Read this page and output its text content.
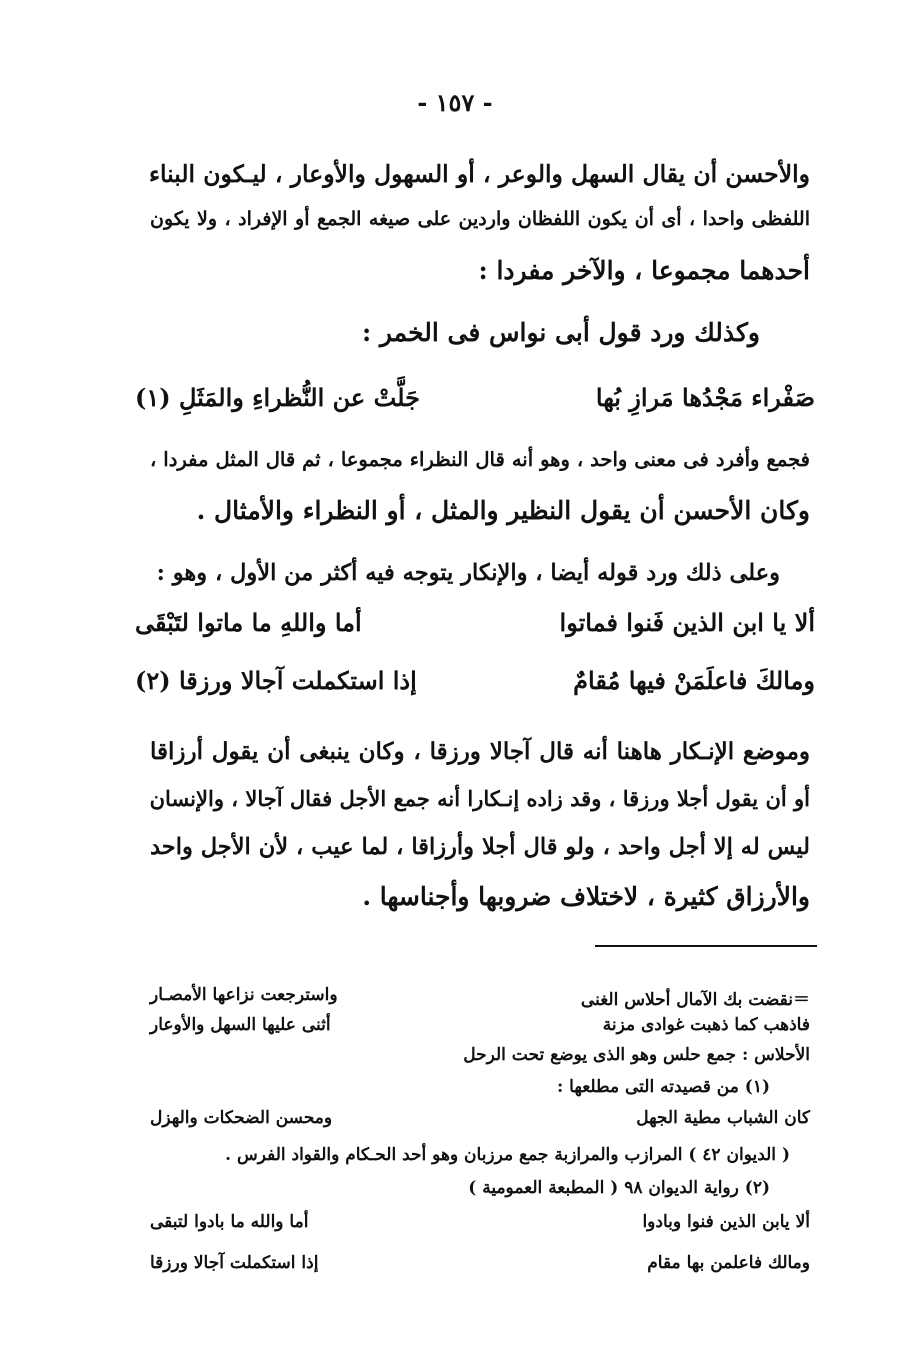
- ١٥٧ -
والأحسن أن يقال السهل والوعر ، أو السهول والأوعار ، ليـكون البناء
اللفظى واحدا ، أى أن يكون اللفظان واردين على صيغه الجمع أو الإفراد ، ولا يكون
أحدهما مجموعا ، والآخر مفردا :
وكذلك ورد قول أبى نواس فى الخمر :
صَفْراء مَجْدُها مَرازِ بُها
جَلَّتْ عن النُّظراءِ والمَثَلِ (١)
فجمع وأفرد فى معنى واحد ، وهو أنه قال النظراء مجموعا ، ثم قال المثل مفردا ،
وكان الأحسن أن يقول النظير والمثل ، أو النظراء والأمثال .
وعلى ذلك ورد قوله أيضا ، والإنكار يتوجه فيه أكثر من الأول ، وهو :
ألا يا ابن الذين فَنوا فماتوا
أما واللهِ ما ماتوا لتَبْقَى
ومالكَ فاعلَمَنْ فيها مُقامٌ
إذا استكملت آجالا ورزقا (٢)
وموضع الإنـكار هاهنا أنه قال آجالا ورزقا ، وكان ينبغى أن يقول أرزاقا
أو أن يقول أجلا ورزقا ، وقد زاده إنـكارا أنه جمع الأجل فقال آجالا ، والإنسان
ليس له إلا أجل واحد ، ولو قال أجلا وأرزاقا ، لما عيب ، لأن الأجل واحد
والأرزاق كثيرة ، لاختلاف ضروبها وأجناسها .
＝نقضت بك الآمال أحلاس الغنى
واسترجعت نزاعها الأمصـار
فاذهب كما ذهبت غوادى مزنة
أثنى عليها السهل والأوعار
الأحلاس : جمع حلس وهو الذى يوضع تحت الرحل
(١) من قصيدته التى مطلعها :
كان الشباب مطية الجهل
ومحسن الضحكات والهزل
( الديوان ٤٢ ) المرازب والمرازبة جمع مرزبان وهو أحد الحـكام والقواد الفرس .
(٢) رواية الديوان ٩٨ ( المطبعة العمومية )
ألا يابن الذين فنوا وبادوا
أما والله ما بادوا لتبقى
ومالك فاعلمن بها مقام
إذا استكملت آجالا ورزقا
